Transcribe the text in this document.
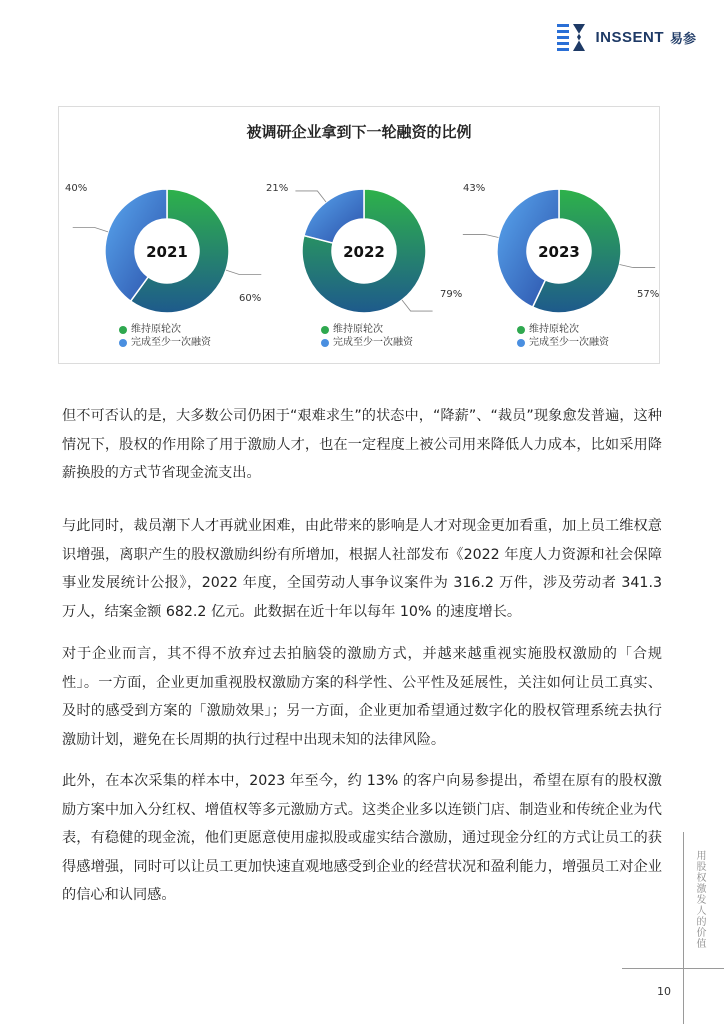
INSSENT 易参
被调研企业拿到下一轮融资的比例
2021
40%
60%
维持原轮次
完成至少一次融资
2022
21%
79%
维持原轮次
完成至少一次融资
2023
43%
57%
维持原轮次
完成至少一次融资
但不可否认的是，大多数公司仍困于“艰难求生”的状态中，“降薪”、“裁员”现象愈发普遍，这种情况下，股权的作用除了用于激励人才，也在一定程度上被公司用来降低人力成本，比如采用降薪换股的方式节省现金流支出。
与此同时，裁员潮下人才再就业困难，由此带来的影响是人才对现金更加看重，加上员工维权意识增强，离职产生的股权激励纠纷有所增加，根据人社部发布《2022 年度人力资源和社会保障事业发展统计公报》，2022 年度，全国劳动人事争议案件为 316.2 万件，涉及劳动者 341.3 万人，结案金额 682.2 亿元。此数据在近十年以每年 10% 的速度增长。
对于企业而言，其不得不放弃过去拍脑袋的激励方式，并越来越重视实施股权激励的「合规性」。一方面，企业更加重视股权激励方案的科学性、公平性及延展性，关注如何让员工真实、及时的感受到方案的「激励效果」；另一方面，企业更加希望通过数字化的股权管理系统去执行激励计划，避免在长周期的执行过程中出现未知的法律风险。
此外，在本次采集的样本中，2023 年至今，约 13% 的客户向易参提出，希望在原有的股权激励方案中加入分红权、增值权等多元激励方式。这类企业多以连锁门店、制造业和传统企业为代表，有稳健的现金流，他们更愿意使用虚拟股或虚实结合激励，通过现金分红的方式让员工的获得感增强，同时可以让员工更加快速直观地感受到企业的经营状况和盈利能力，增强员工对企业的信心和认同感。	用股权激发人的价值
10
